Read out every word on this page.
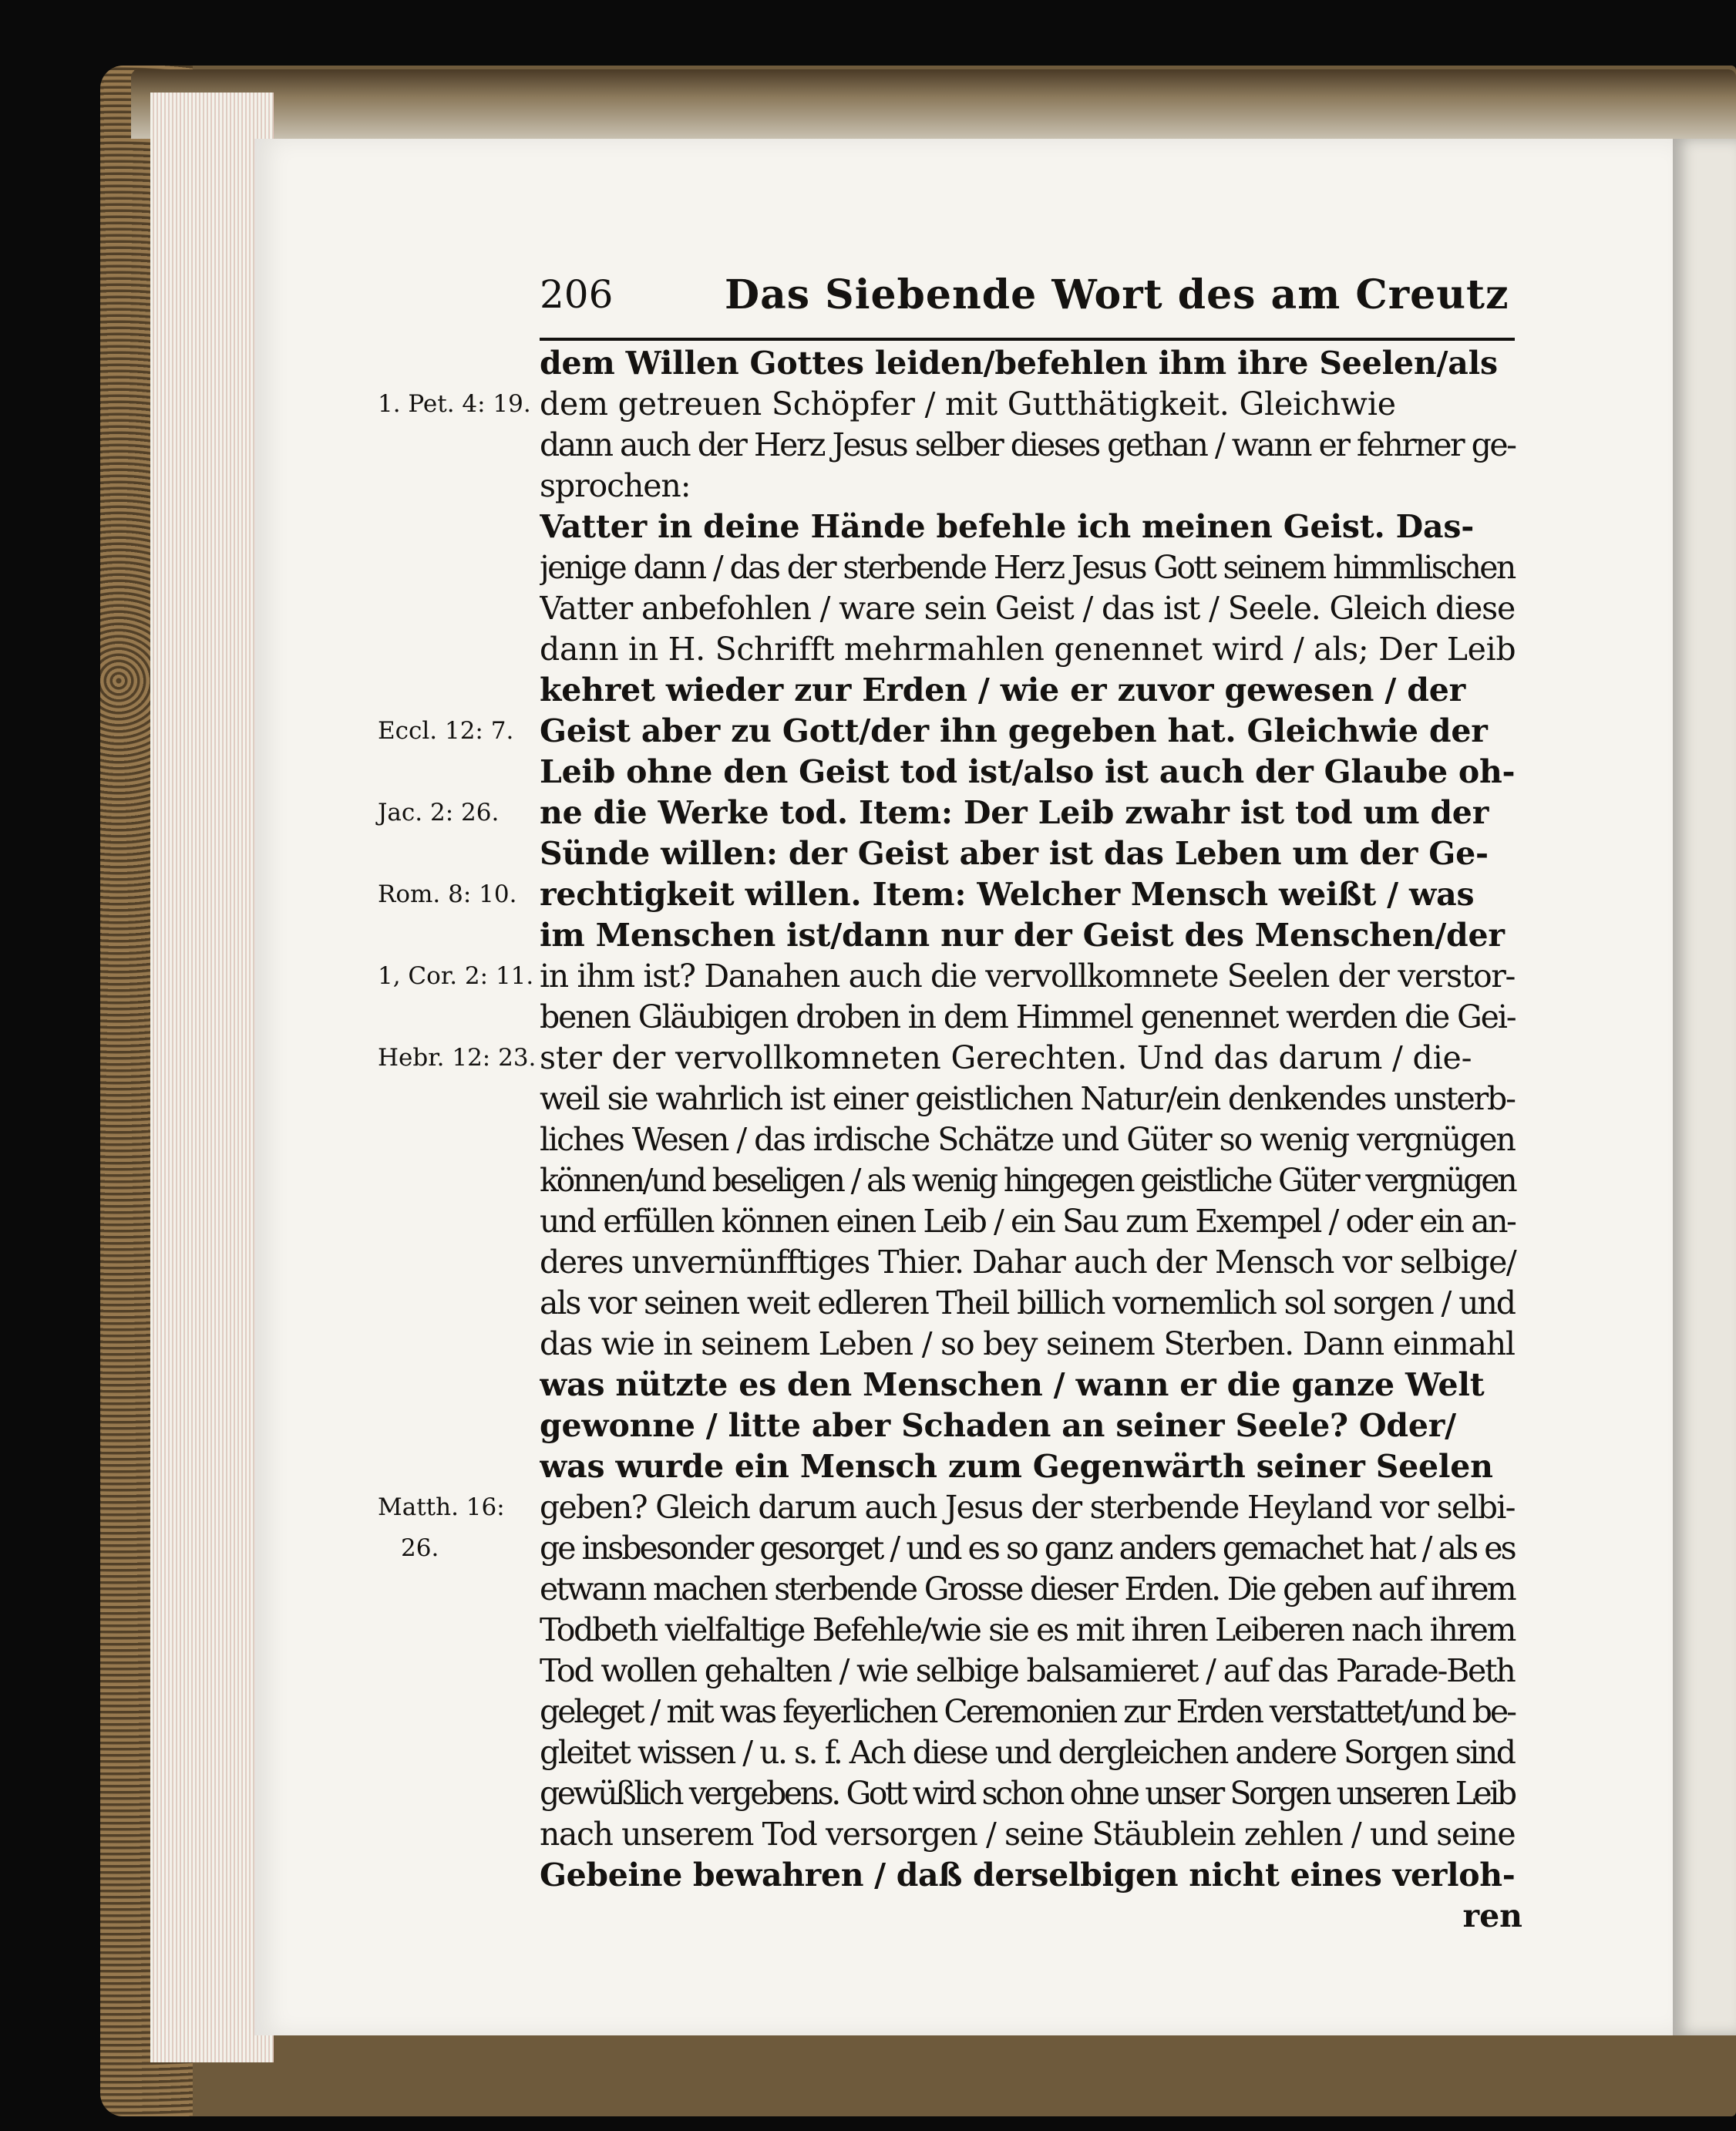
206	Das Siebende Wort des am Creutz
dem Willen Gottes leiden/befehlen ihm ihre Seelen/als
dem getreuen Schöpfer / mit Gutthätigkeit. Gleichwie
dann auch der Herz Jesus selber dieses gethan / wann er fehrner ge-
sprochen:
Vatter in deine Hände befehle ich meinen Geist. Das-
jenige dann / das der sterbende Herz Jesus Gott seinem himmlischen
Vatter anbefohlen / ware sein Geist / das ist / Seele. Gleich diese
dann in H. Schrifft mehrmahlen genennet wird / als; Der Leib
kehret wieder zur Erden / wie er zuvor gewesen / der
Geist aber zu Gott/der ihn gegeben hat. Gleichwie der
Leib ohne den Geist tod ist/also ist auch der Glaube oh-
ne die Werke tod. Item: Der Leib zwahr ist tod um der
Sünde willen: der Geist aber ist das Leben um der Ge-
rechtigkeit willen. Item: Welcher Mensch weißt / was
im Menschen ist/dann nur der Geist des Menschen/der
in ihm ist? Danahen auch die vervollkomnete Seelen der verstor-
benen Gläubigen droben in dem Himmel genennet werden die Gei-
ster der vervollkomneten Gerechten. Und das darum / die-
weil sie wahrlich ist einer geistlichen Natur/ein denkendes unsterb-
liches Wesen / das irdische Schätze und Güter so wenig vergnügen
können/und beseligen / als wenig hingegen geistliche Güter vergnügen
und erfüllen können einen Leib / ein Sau zum Exempel / oder ein an-
deres unvernünfftiges Thier. Dahar auch der Mensch vor selbige/
als vor seinen weit edleren Theil billich vornemlich sol sorgen / und
das wie in seinem Leben / so bey seinem Sterben. Dann einmahl
was nützte es den Menschen / wann er die ganze Welt
gewonne / litte aber Schaden an seiner Seele? Oder/
was wurde ein Mensch zum Gegenwärth seiner Seelen
geben? Gleich darum auch Jesus der sterbende Heyland vor selbi-
ge insbesonder gesorget / und es so ganz anders gemachet hat / als es
etwann machen sterbende Grosse dieser Erden. Die geben auf ihrem
Todbeth vielfaltige Befehle/wie sie es mit ihren Leiberen nach ihrem
Tod wollen gehalten / wie selbige balsamieret / auf das Parade-Beth
geleget / mit was feyerlichen Ceremonien zur Erden verstattet/und be-
gleitet wissen / u. s. f. Ach diese und dergleichen andere Sorgen sind
gewüßlich vergebens. Gott wird schon ohne unser Sorgen unseren Leib
nach unserem Tod versorgen / seine Stäublein zehlen / und seine
Gebeine bewahren / daß derselbigen nicht eines verloh-
ren
1. Pet. 4: 19.
Eccl. 12: 7.
Jac. 2: 26.
Rom. 8: 10.
1, Cor. 2: 11.
Hebr. 12: 23.
Matth. 16:
26.
